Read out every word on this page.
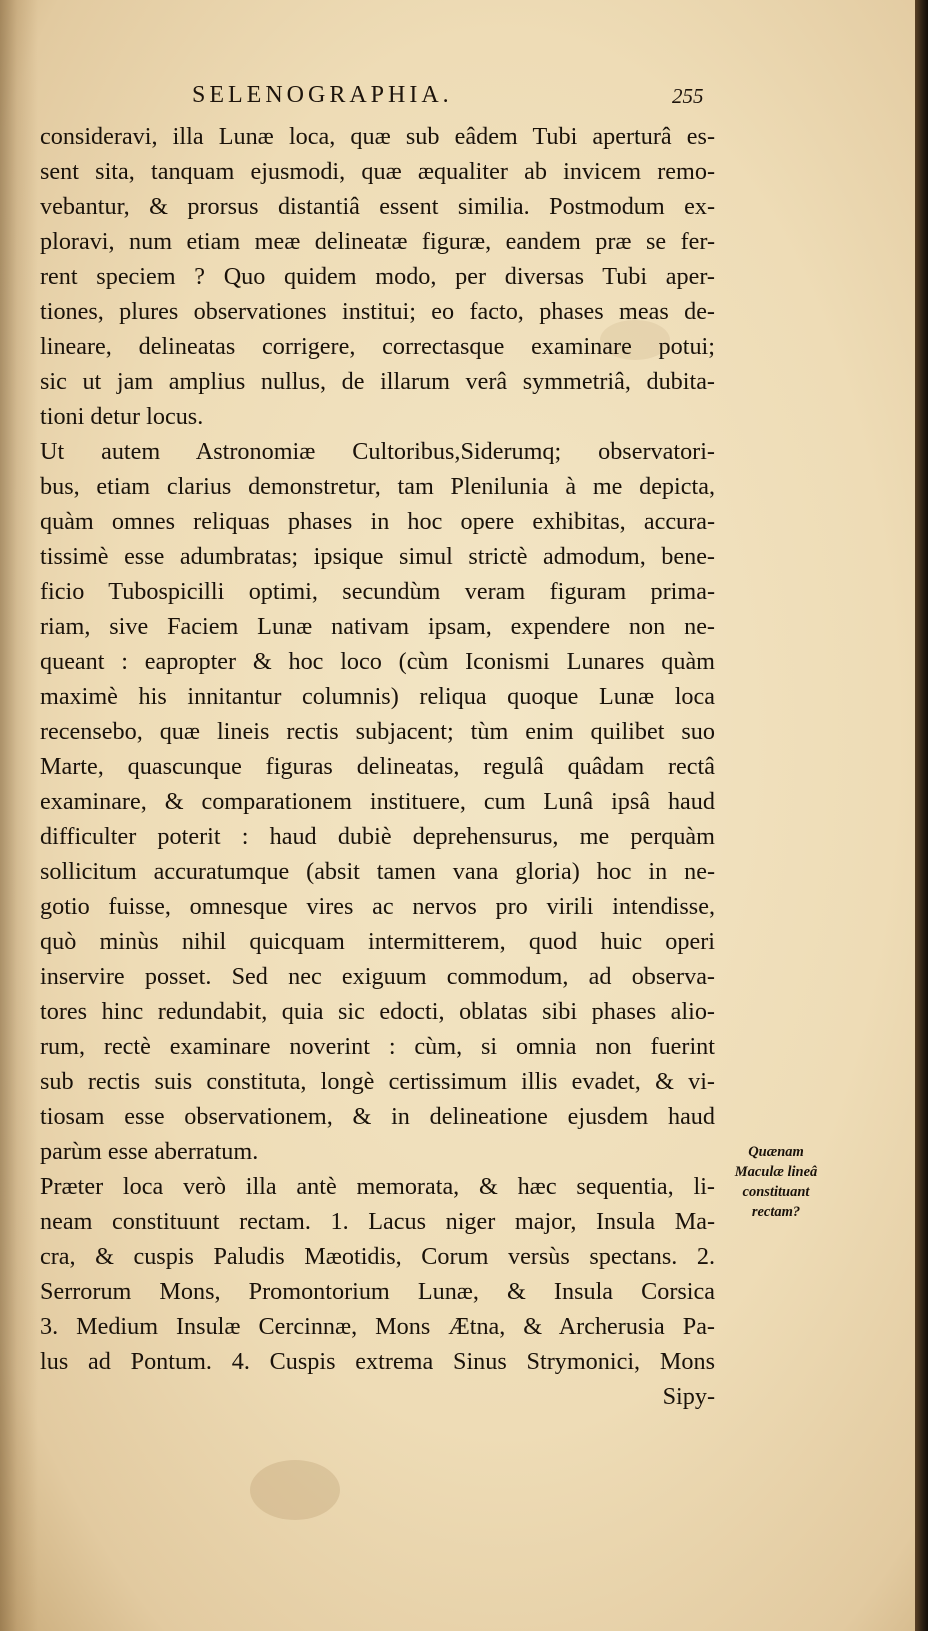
SELENOGRAPHIA.	255
consideravi, illa Lunæ loca, quæ sub eâdem Tubi aperturâ es-
sent sita, tanquam ejusmodi, quæ æqualiter ab invicem remo-
vebantur, & prorsus distantiâ essent similia. Postmodum ex-
ploravi, num etiam meæ delineatæ figuræ, eandem præ se fer-
rent speciem ? Quo quidem modo, per diversas Tubi aper-
tiones, plures observationes institui; eo facto, phases meas de-
lineare, delineatas corrigere, correctasque examinare potui;
sic ut jam amplius nullus, de illarum verâ symmetriâ, dubita-
tioni detur locus.
Ut autem Astronomiæ Cultoribus,Siderumq; observatori-
bus, etiam clarius demonstretur, tam Plenilunia à me depicta,
quàm omnes reliquas phases in hoc opere exhibitas, accura-
tissimè esse adumbratas; ipsique simul strictè admodum, bene-
ficio Tubospicilli optimi, secundùm veram figuram prima-
riam, sive Faciem Lunæ nativam ipsam, expendere non ne-
queant : eapropter & hoc loco (cùm Iconismi Lunares quàm
maximè his innitantur columnis) reliqua quoque Lunæ loca
recensebo, quæ lineis rectis subjacent; tùm enim quilibet suo
Marte, quascunque figuras delineatas, regulâ quâdam rectâ
examinare, & comparationem instituere, cum Lunâ ipsâ haud
difficulter poterit : haud dubiè deprehensurus, me perquàm
sollicitum accuratumque (absit tamen vana gloria) hoc in ne-
gotio fuisse, omnesque vires ac nervos pro virili intendisse,
quò minùs nihil quicquam intermitterem, quod huic operi
inservire posset. Sed nec exiguum commodum, ad observa-
tores hinc redundabit, quia sic edocti, oblatas sibi phases alio-
rum, rectè examinare noverint : cùm, si omnia non fuerint
sub rectis suis constituta, longè certissimum illis evadet, & vi-
tiosam esse observationem, & in delineatione ejusdem haud
parùm esse aberratum.
Præter loca verò illa antè memorata, & hæc sequentia, li-
neam constituunt rectam. 1. Lacus niger major, Insula Ma-
cra, & cuspis Paludis Mæotidis, Corum versùs spectans. 2.
Serrorum Mons, Promontorium Lunæ, & Insula Corsica
3. Medium Insulæ Cercinnæ, Mons Ætna, & Archerusia Pa-
lus ad Pontum. 4. Cuspis extrema Sinus Strymonici, Mons
Sipy-
Quænam
Maculæ lineâ
constituant
rectam?
